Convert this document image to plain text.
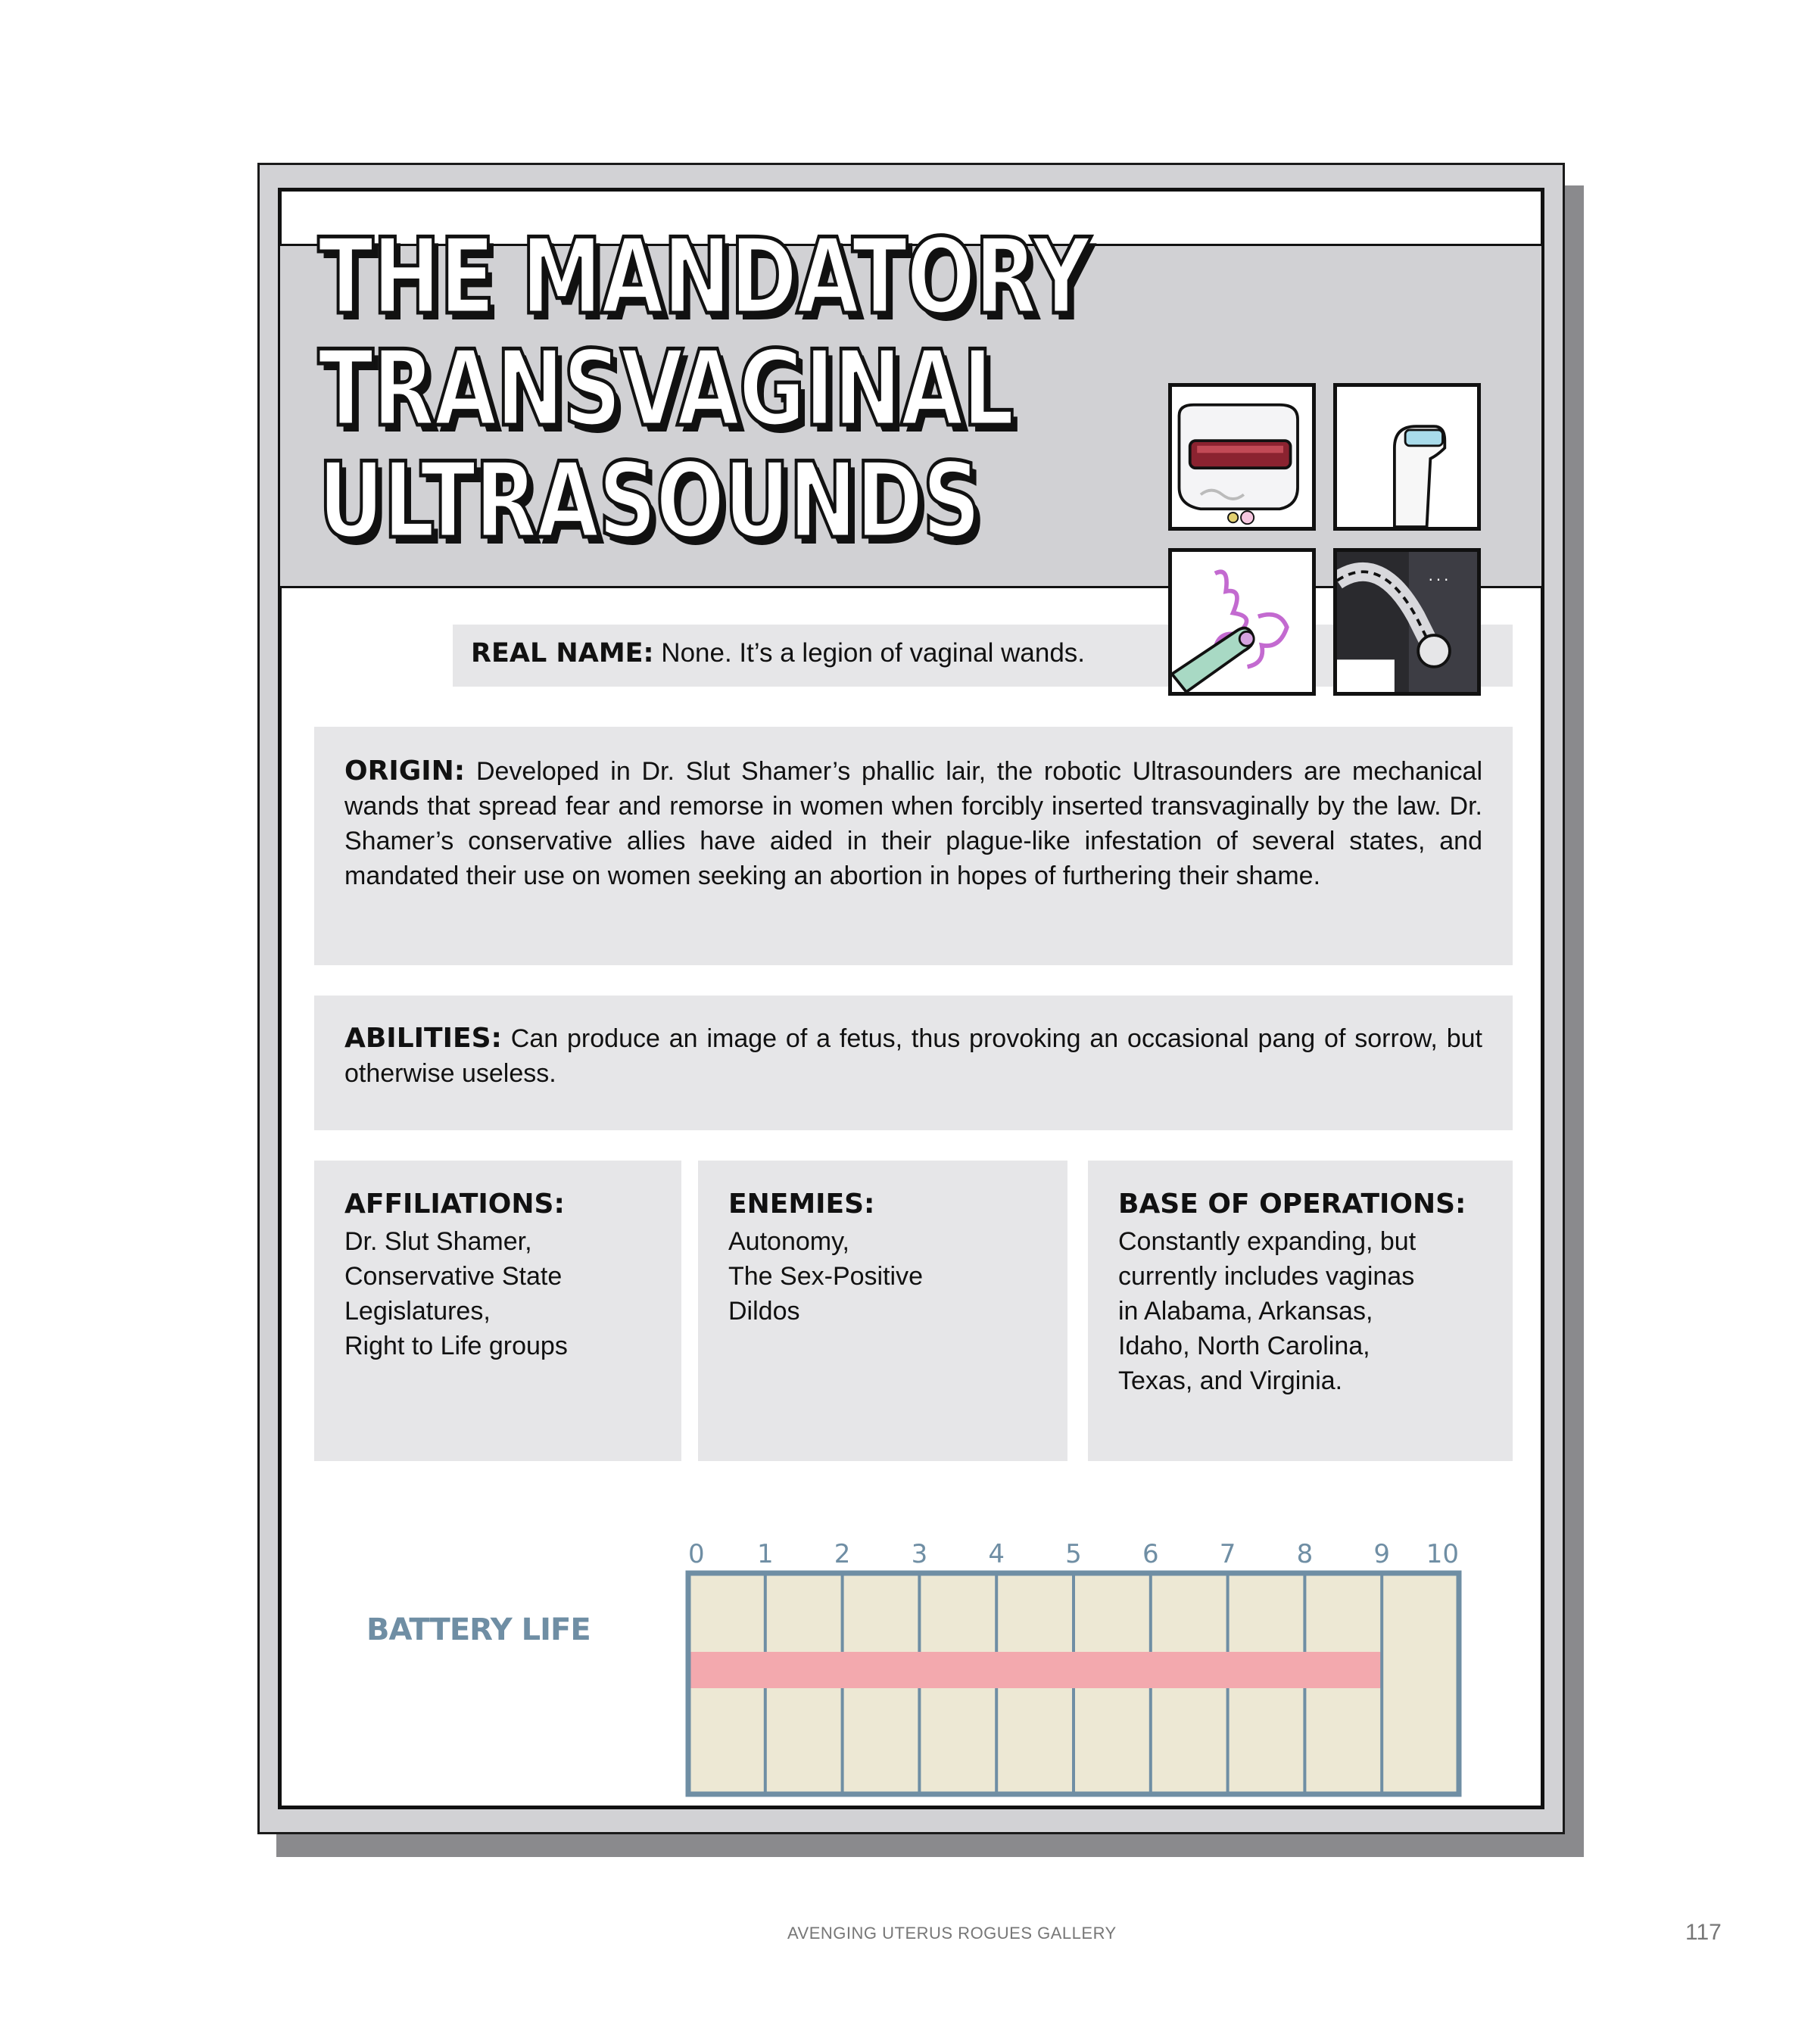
THE MANDATORY
TRANSVAGINAL
ULTRASOUNDS
REAL NAME: None. It’s a legion of vaginal wands.
...

ORIGIN: Developed in Dr. Slut Shamer’s phallic lair, the robotic Ultrasounders are mechanical wands that spread fear and remorse in women when forcibly inserted transvaginally by the law. Dr. Shamer’s conservative allies have aided in their plague-like infestation of several states, and mandated their use on women seeking an abortion in hopes of furthering their shame.

ABILITIES: Can produce an image of a fetus, thus provoking an occasional pang of sorrow, but otherwise useless.

AFFILIATIONS:

Dr. Slut Shamer,
Conservative State
Legislatures,
Right to Life groups

ENEMIES:

Autonomy,
The Sex-Positive
Dildos

BASE OF OPERATIONS:

Constantly expanding, but
currently includes vaginas
in Alabama, Arkansas,
Idaho, North Carolina,
Texas, and Virginia.
BATTERY LIFE
0 1 2 3 4 5 6 7 8 9 10
AVENGING UTERUS ROGUES GALLERY	117
